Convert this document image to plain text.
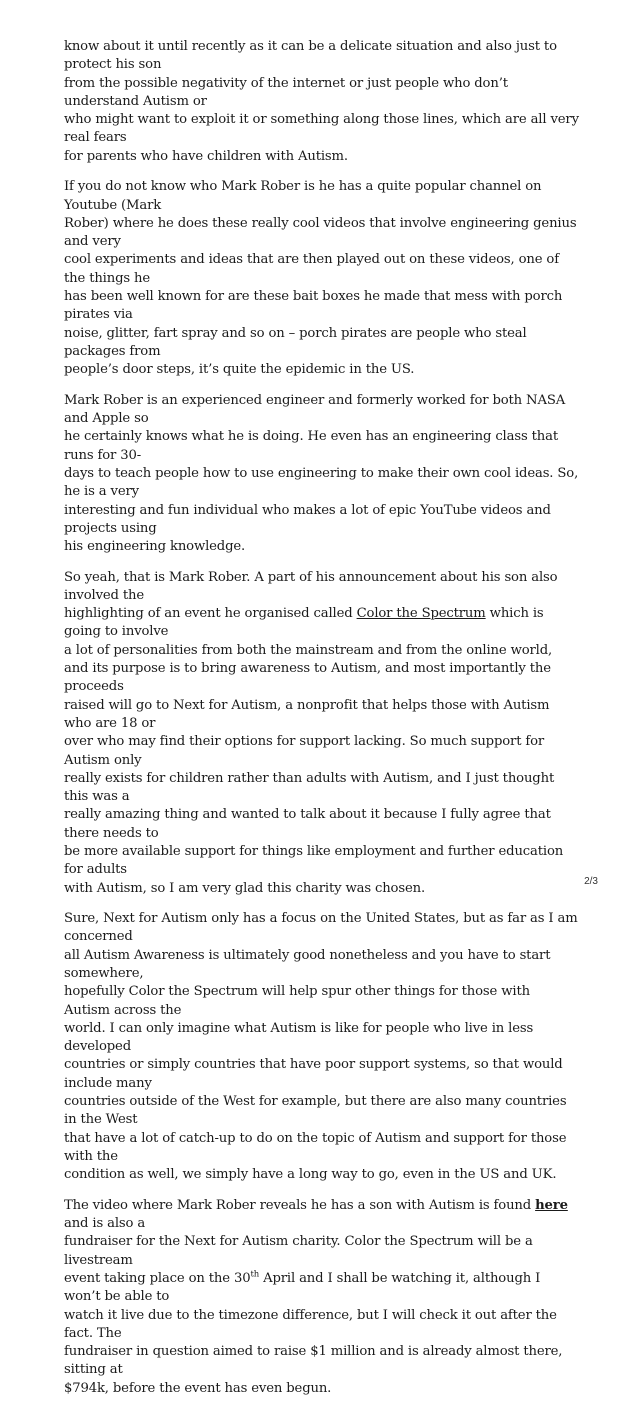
know about it until recently as it can be a delicate situation and also just to protect his son
from the possible negativity of the internet or just people who don’t understand Autism or
who might want to exploit it or something along those lines, which are all very real fears
for parents who have children with Autism.

If you do not know who Mark Rober is he has a quite popular channel on Youtube (Mark
Rober) where he does these really cool videos that involve engineering genius and very
cool experiments and ideas that are then played out on these videos, one of the things he
has been well known for are these bait boxes he made that mess with porch pirates via
noise, glitter, fart spray and so on – porch pirates are people who steal packages from
people’s door steps, it’s quite the epidemic in the US.

Mark Rober is an experienced engineer and formerly worked for both NASA and Apple so
he certainly knows what he is doing. He even has an engineering class that runs for 30-
days to teach people how to use engineering to make their own cool ideas. So, he is a very
interesting and fun individual who makes a lot of epic YouTube videos and projects using
his engineering knowledge.

So yeah, that is Mark Rober. A part of his announcement about his son also involved the
highlighting of an event he organised called Color the Spectrum which is going to involve
a lot of personalities from both the mainstream and from the online world,
and its purpose is to bring awareness to Autism, and most importantly the proceeds
raised will go to Next for Autism, a nonprofit that helps those with Autism who are 18 or
over who may find their options for support lacking. So much support for Autism only
really exists for children rather than adults with Autism, and I just thought this was a
really amazing thing and wanted to talk about it because I fully agree that there needs to
be more available support for things like employment and further education for adults
with Autism, so I am very glad this charity was chosen.

Sure, Next for Autism only has a focus on the United States, but as far as I am concerned
all Autism Awareness is ultimately good nonetheless and you have to start somewhere,
hopefully Color the Spectrum will help spur other things for those with Autism across the
world. I can only imagine what Autism is like for people who live in less developed
countries or simply countries that have poor support systems, so that would include many
countries outside of the West for example, but there are also many countries in the West
that have a lot of catch-up to do on the topic of Autism and support for those with the
condition as well, we simply have a long way to go, even in the US and UK.

The video where Mark Rober reveals he has a son with Autism is found here and is also a
fundraiser for the Next for Autism charity. Color the Spectrum will be a livestream
event taking place on the 30th April and I shall be watching it, although I won’t be able to
watch it live due to the timezone difference, but I will check it out after the fact. The
fundraiser in question aimed to raise $1 million and is already almost there, sitting at
$794k, before the event has even begun.

2/3
